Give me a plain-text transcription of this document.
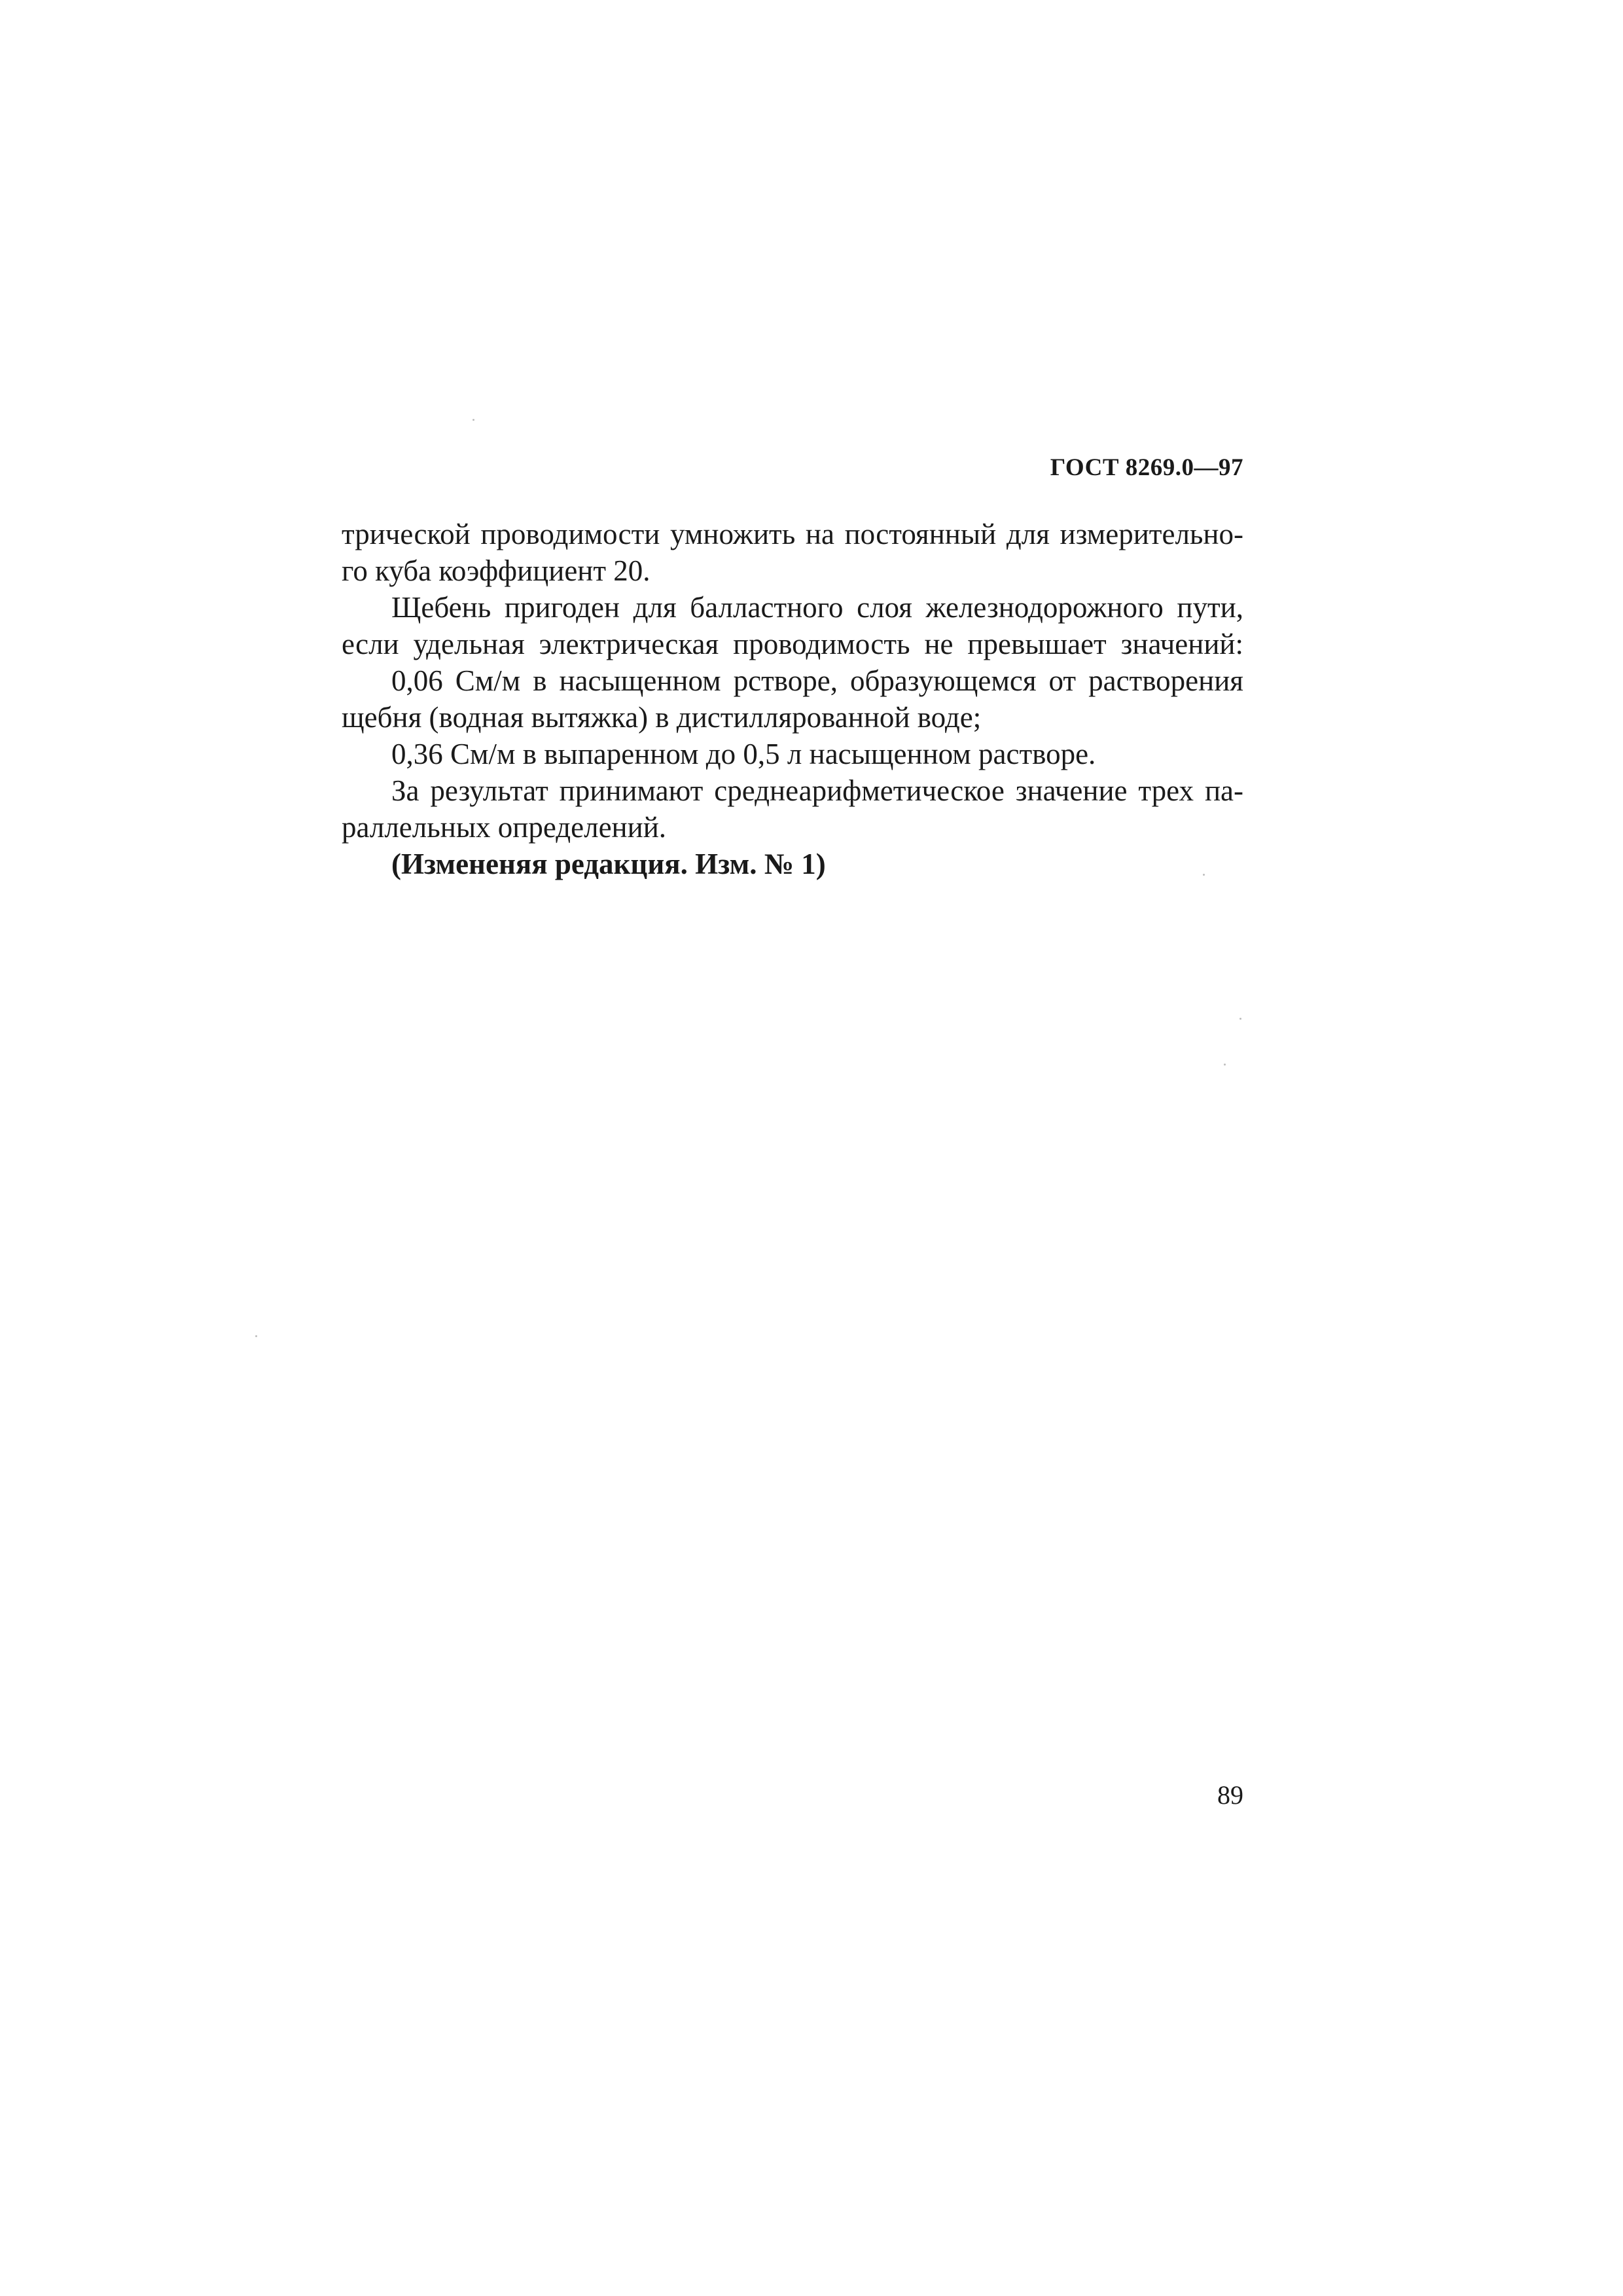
ГОСТ 8269.0—97
трической проводимости умножить на постоянный для измерительно-
го куба коэффициент 20.
Щебень пригоден для балластного слоя железнодорожного пути,
если удельная электрическая проводимость не превышает значений:
0,06 См/м в насыщенном рстворе, образующемся от растворения
щебня (водная вытяжка) в дистиллярованной воде;
0,36 См/м в выпаренном до 0,5 л насыщенном растворе.
За результат принимают среднеарифметическое значение трех па-
раллельных определений.
(Измененяя редакция. Изм. № 1)
89
